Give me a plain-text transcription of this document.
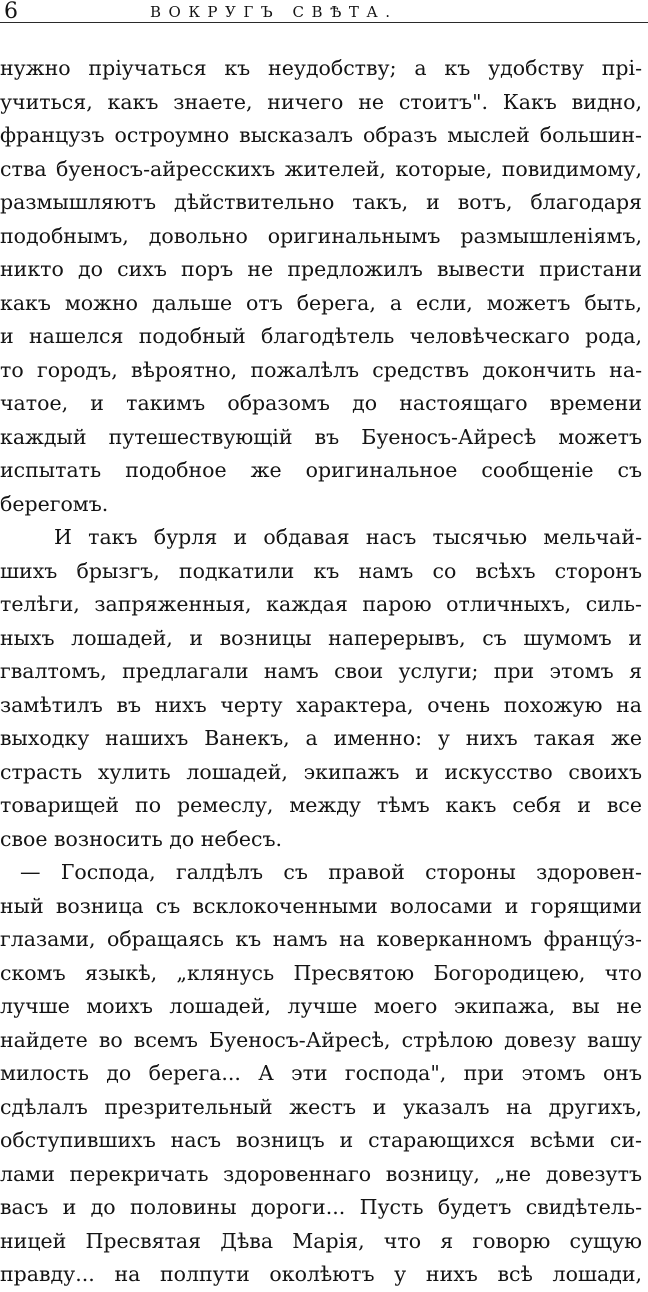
6	ВОКРУГЪ СВѢТА.
нужно пріучаться къ неудобству; а къ удобству прі-
учиться, какъ знаете, ничего не стоитъ". Какъ видно,
французъ остроумно высказалъ образъ мыслей большин-
ства буеносъ-айресскихъ жителей, которые, повидимому,
размышляютъ дѣйствительно такъ, и вотъ, благодаря
подобнымъ, довольно оригинальнымъ размышленіямъ,
никто до сихъ поръ не предложилъ вывести пристани
какъ можно дальше отъ берега, а если, можетъ быть,
и нашелся подобный благодѣтель человѣческаго рода,
то городъ, вѣроятно, пожалѣлъ средствъ докончить на-
чатое, и такимъ образомъ до настоящаго времени
каждый путешествующій въ Буеносъ-Айресѣ можетъ
испытать подобное же оригинальное сообщеніе съ
берегомъ.
И такъ бурля и обдавая насъ тысячью мельчай-
шихъ брызгъ, подкатили къ намъ со всѣхъ сторонъ
телѣги, запряженныя, каждая парою отличныхъ, силь-
ныхъ лошадей, и возницы наперерывъ, съ шумомъ и
гвалтомъ, предлагали намъ свои услуги; при этомъ я
замѣтилъ въ нихъ черту характера, очень похожую на
выходку нашихъ Ванекъ, а именно: у нихъ такая же
страсть хулить лошадей, экипажъ и искусство своихъ
товарищей по ремеслу, между тѣмъ какъ себя и все
свое возносить до небесъ.
— Господа, галдѣлъ съ правой стороны здоровен-
ный возница съ всклокоченными волосами и горящими
глазами, обращаясь къ намъ на коверканномъ францу́з-
скомъ языкѣ, „клянусь Пресвятою Богородицею, что
лучше моихъ лошадей, лучше моего экипажа, вы не
найдете во всемъ Буеносъ-Айресѣ, стрѣлою довезу вашу
милость до берега... А эти господа", при этомъ онъ
сдѣлалъ презрительный жестъ и указалъ на другихъ,
обступившихъ насъ возницъ и старающихся всѣми си-
лами перекричать здоровеннаго возницу, „не довезутъ
васъ и до половины дороги... Пусть будетъ свидѣтель-
ницей Пресвятая Дѣва Марія, что я говорю сущую
правду... на полпути околѣютъ у нихъ всѣ лошади,
